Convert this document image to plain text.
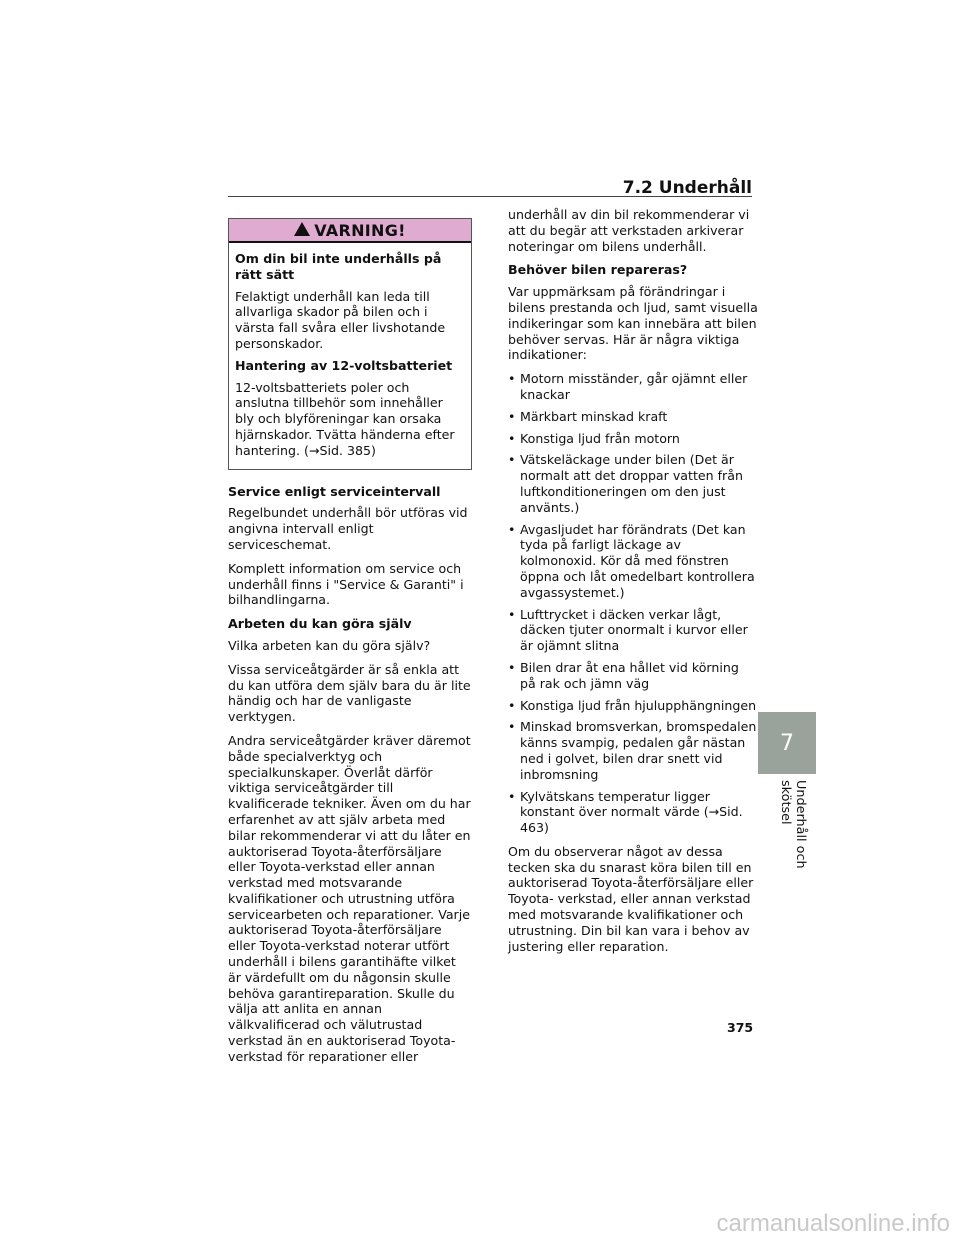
7.2 Underhåll
VARNING!

Om din bil inte underhålls på rätt sätt

Felaktigt underhåll kan leda till allvarliga skador på bilen och i värsta fall svåra eller livshotande personskador.

Hantering av 12-voltsbatteriet

12-voltsbatteriets poler och anslutna tillbehör som innehåller bly och blyföreningar kan orsaka hjärnskador. Tvätta händerna efter hantering. (→Sid. 385)

Service enligt serviceintervall

Regelbundet underhåll bör utföras vid angivna intervall enligt serviceschemat.

Komplett information om service och underhåll finns i "Service & Garanti" i bilhandlingarna.

Arbeten du kan göra själv

Vilka arbeten kan du göra själv?

Vissa serviceåtgärder är så enkla att du kan utföra dem själv bara du är lite händig och har de vanligaste verktygen.

Andra serviceåtgärder kräver däremot både specialverktyg och specialkunskaper. Överlåt därför viktiga serviceåtgärder till kvalificerade tekniker. Även om du har erfarenhet av att själv arbeta med bilar rekommenderar vi att du låter en auktoriserad Toyota-återförsäljare eller Toyota-verkstad eller annan verkstad med motsvarande kvalifikationer och utrustning utföra servicearbeten och reparationer. Varje auktoriserad Toyota-återförsäljare eller Toyota-verkstad noterar utfört underhåll i bilens garantihäfte vilket är värdefullt om du någonsin skulle behöva garantireparation. Skulle du välja att anlita en annan välkvalificerad och välutrustad verkstad än en auktoriserad Toyota-verkstad för reparationer eller

underhåll av din bil rekommenderar vi att du begär att verkstaden arkiverar noteringar om bilens underhåll.

Behöver bilen repareras?

Var uppmärksam på förändringar i bilens prestanda och ljud, samt visuella indikeringar som kan innebära att bilen behöver servas. Här är några viktiga indikationer:

• Motorn misständer, går ojämnt eller knackar
• Märkbart minskad kraft
• Konstiga ljud från motorn
• Vätskeläckage under bilen (Det är normalt att det droppar vatten från luftkonditioneringen om den just använts.)
• Avgasljudet har förändrats (Det kan tyda på farligt läckage av kolmonoxid. Kör då med fönstren öppna och låt omedelbart kontrollera avgassystemet.)
• Lufttrycket i däcken verkar lågt, däcken tjuter onormalt i kurvor eller är ojämnt slitna
• Bilen drar åt ena hållet vid körning på rak och jämn väg
• Konstiga ljud från hjulupphängningen
• Minskad bromsverkan, bromspedalen känns svampig, pedalen går nästan ned i golvet, bilen drar snett vid inbromsning
• Kylvätskans temperatur ligger konstant över normalt värde (→Sid. 463)

Om du observerar något av dessa tecken ska du snarast köra bilen till en auktoriserad Toyota-återförsäljare eller Toyota- verkstad, eller annan verkstad med motsvarande kvalifikationer och utrustning. Din bil kan vara i behov av justering eller reparation.

7
Underhåll och skötsel
375
carmanualsonline.info
